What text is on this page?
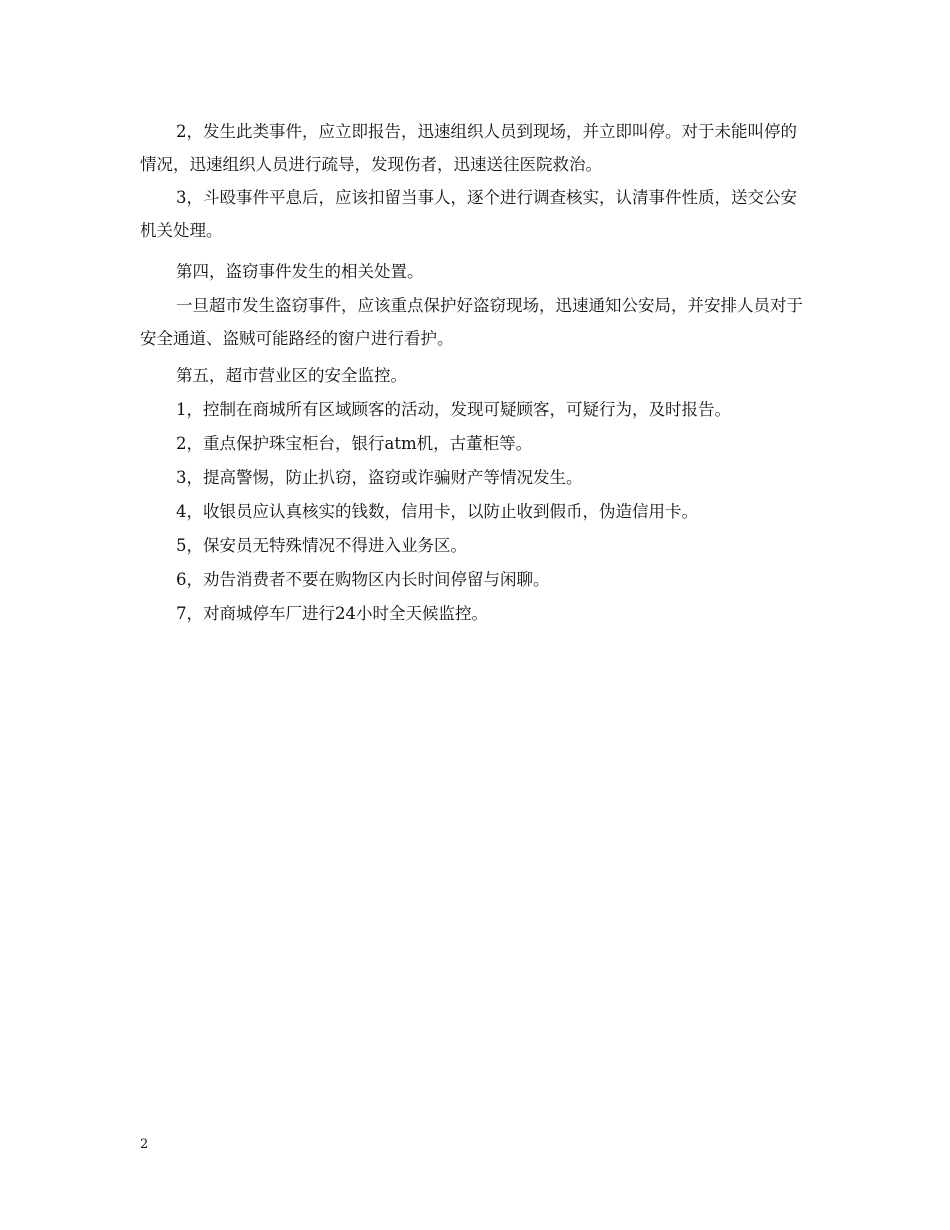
2，发生此类事件，应立即报告，迅速组织人员到现场，并立即叫停。对于未能叫停的情况，迅速组织人员进行疏导，发现伤者，迅速送往医院救治。

3，斗殴事件平息后，应该扣留当事人，逐个进行调查核实，认清事件性质，送交公安机关处理。

第四，盗窃事件发生的相关处置。

一旦超市发生盗窃事件，应该重点保护好盗窃现场，迅速通知公安局，并安排人员对于安全通道、盗贼可能路经的窗户进行看护。

第五，超市营业区的安全监控。

1，控制在商城所有区域顾客的活动，发现可疑顾客，可疑行为，及时报告。

2，重点保护珠宝柜台，银行atm机，古董柜等。

3，提高警惕，防止扒窃，盗窃或诈骗财产等情况发生。

4，收银员应认真核实的钱数，信用卡，以防止收到假币，伪造信用卡。

5，保安员无特殊情况不得进入业务区。

6，劝告消费者不要在购物区内长时间停留与闲聊。

7，对商城停车厂进行24小时全天候监控。

2
